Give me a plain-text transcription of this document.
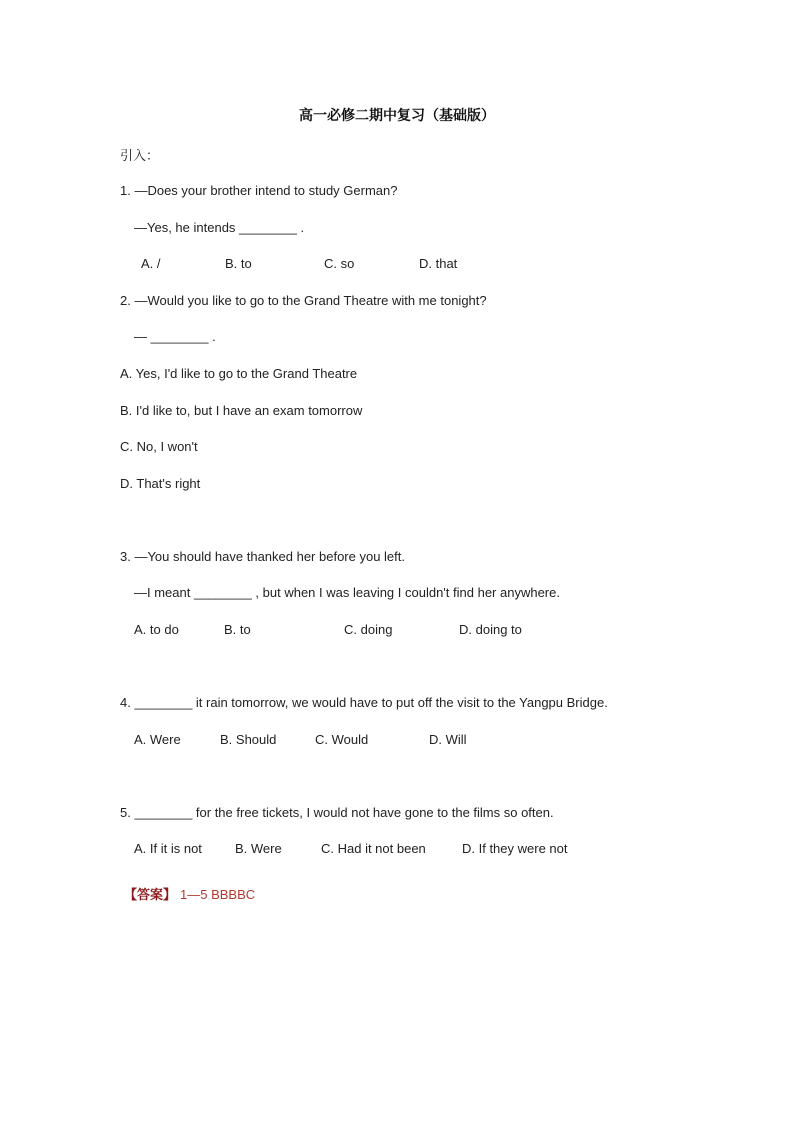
高一必修二期中复习（基础版）
引入：
1. —Does your brother intend to study German?
—Yes, he intends ________ .
A. /	B. to	C. so	D. that
2. —Would you like to go to the Grand Theatre with me tonight?
— ________ .
A. Yes, I'd like to go to the Grand Theatre
B. I'd like to, but I have an exam tomorrow
C. No, I won't
D. That's right
3. —You should have thanked her before you left.
—I meant ________ , but when I was leaving I couldn't find her anywhere.
A. to do	B. to	C. doing	D. doing to
4. ________ it rain tomorrow, we would have to put off the visit to the Yangpu Bridge.
A. Were	B. Should	C. Would	D. Will
5. ________ for the free tickets, I would not have gone to the films so often.
A. If it is not	B. Were	C. Had it not been	D. If they were not
【答案】 1—5 BBBBC
